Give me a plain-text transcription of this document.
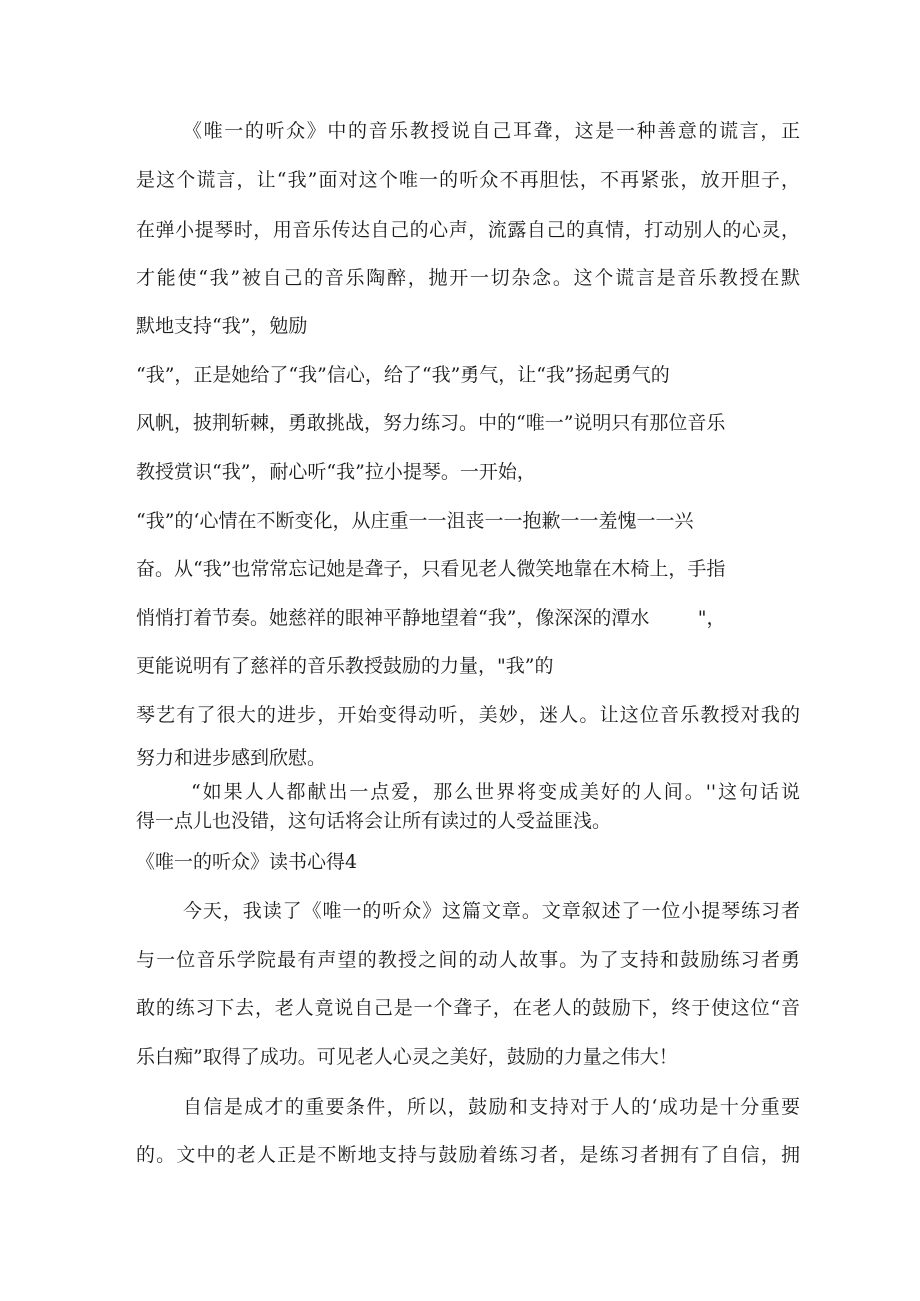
《唯一的听众》中的音乐教授说自己耳聋，这是一种善意的谎言，正

是这个谎言，让“我”面对这个唯一的听众不再胆怯，不再紧张，放开胆子，

在弹小提琴时，用音乐传达自己的心声，流露自己的真情，打动别人的心灵，

才能使“我”被自己的音乐陶醉，抛开一切杂念。这个谎言是音乐教授在默

默地支持“我”，勉励

“我”，正是她给了“我”信心，给了“我”勇气，让“我”扬起勇气的

风帆，披荆斩棘，勇敢挑战，努力练习。中的“唯一”说明只有那位音乐

教授赏识“我”，耐心听“我”拉小提琴。一开始，

“我”的‘心情在不断变化，从庄重一一沮丧一一抱歉一一羞愧一一兴

奋。从“我”也常常忘记她是聋子，只看见老人微笑地靠在木椅上，手指

悄悄打着节奏。她慈祥的眼神平静地望着“我”，像深深的潭水        "，

更能说明有了慈祥的音乐教授鼓励的力量，"我”的

琴艺有了很大的进步，开始变得动听，美妙，迷人。让这位音乐教授对我的

努力和进步感到欣慰。

“如果人人都献出一点爱，那么世界将变成美好的人间。''这句话说

得一点儿也没错，这句话将会让所有读过的人受益匪浅。

《唯一的听众》读书心得4

今天，我读了《唯一的听众》这篇文章。文章叙述了一位小提琴练习者

与一位音乐学院最有声望的教授之间的动人故事。为了支持和鼓励练习者勇

敢的练习下去，老人竟说自己是一个聋子，在老人的鼓励下，终于使这位“音

乐白痴”取得了成功。可见老人心灵之美好，鼓励的力量之伟大！

自信是成才的重要条件，所以，鼓励和支持对于人的‘成功是十分重要

的。文中的老人正是不断地支持与鼓励着练习者，是练习者拥有了自信，拥
